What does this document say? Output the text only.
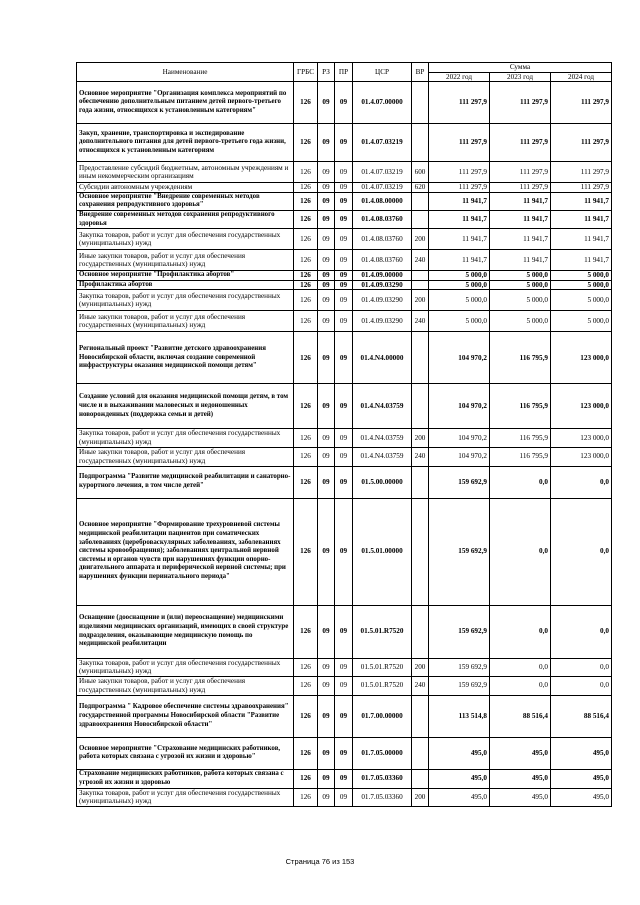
Наименование	ГРБС	РЗ	ПР	ЦСР	ВР	Сумма		
						2022 год	2023 год	2024 год
Основное мероприятие "Организация комплекса мероприятий по обеспечению дополнительным питанием детей первого-третьего года жизни, относящихся к установленным категориям"	126	09	09	01.4.07.00000		111 297,9	111 297,9	111 297,9
Закуп, хранение, транспортировка и экспедирование дополнительного питания для детей первого-третьего года жизни, относящихся к установленным категориям	126	09	09	01.4.07.03219		111 297,9	111 297,9	111 297,9
Предоставление субсидий бюджетным, автономным учреждениям и иным некоммерческим организациям	126	09	09	01.4.07.03219	600	111 297,9	111 297,9	111 297,9
Субсидии автономным учреждениям	126	09	09	01.4.07.03219	620	111 297,9	111 297,9	111 297,9
Основное мероприятие "Внедрение современных методов сохранения репродуктивного здоровья"	126	09	09	01.4.08.00000		11 941,7	11 941,7	11 941,7
Внедрение современных методов сохранения репродуктивного здоровья	126	09	09	01.4.08.03760		11 941,7	11 941,7	11 941,7
Закупка товаров, работ и услуг для обеспечения государственных (муниципальных) нужд	126	09	09	01.4.08.03760	200	11 941,7	11 941,7	11 941,7
Иные закупки товаров, работ и услуг для обеспечения государственных (муниципальных) нужд	126	09	09	01.4.08.03760	240	11 941,7	11 941,7	11 941,7
Основное мероприятие "Профилактика абортов"	126	09	09	01.4.09.00000		5 000,0	5 000,0	5 000,0
Профилактика абортов	126	09	09	01.4.09.03290		5 000,0	5 000,0	5 000,0
Закупка товаров, работ и услуг для обеспечения государственных (муниципальных) нужд	126	09	09	01.4.09.03290	200	5 000,0	5 000,0	5 000,0
Иные закупки товаров, работ и услуг для обеспечения государственных (муниципальных) нужд	126	09	09	01.4.09.03290	240	5 000,0	5 000,0	5 000,0
Региональный проект "Развитие детского здравоохранения Новосибирской области, включая создание современной инфраструктуры оказания медицинской помощи детям"	126	09	09	01.4.N4.00000		104 970,2	116 795,9	123 000,0
Создание условий для оказания медицинской помощи детям, в том числе и в выхаживании маловесных и недоношенных новорожденных (поддержка семьи и детей)	126	09	09	01.4.N4.03759		104 970,2	116 795,9	123 000,0
Закупка товаров, работ и услуг для обеспечения государственных (муниципальных) нужд	126	09	09	01.4.N4.03759	200	104 970,2	116 795,9	123 000,0
Иные закупки товаров, работ и услуг для обеспечения государственных (муниципальных) нужд	126	09	09	01.4.N4.03759	240	104 970,2	116 795,9	123 000,0
Подпрограмма "Развитие медицинской реабилитации и санаторно-курортного лечения, в том числе детей"	126	09	09	01.5.00.00000		159 692,9	0,0	0,0
Основное мероприятие "Формирование трехуровневой системы медицинской реабилитации пациентов при соматических заболеваниях (цереброваскулярных заболеваниях, заболеваниях системы кровообращения); заболеваниях центральной нервной системы и органов чувств при нарушениях функции опорно-двигательного аппарата и периферической нервной системы; при нарушениях функции перинатального периода"	126	09	09	01.5.01.00000		159 692,9	0,0	0,0
Оснащение (дооснащение и (или) переоснащение) медицинскими изделиями медицинских организаций, имеющих в своей структуре подразделения, оказывающие медицинскую помощь по медицинской реабилитации	126	09	09	01.5.01.R7520		159 692,9	0,0	0,0
Закупка товаров, работ и услуг для обеспечения государственных (муниципальных) нужд	126	09	09	01.5.01.R7520	200	159 692,9	0,0	0,0
Иные закупки товаров, работ и услуг для обеспечения государственных (муниципальных) нужд	126	09	09	01.5.01.R7520	240	159 692,9	0,0	0,0
Подпрограмма " Кадровое обеспечение системы здравоохранения" государственной программы Новосибирской области "Развитие здравоохранения Новосибирской области"	126	09	09	01.7.00.00000		113 514,8	88 516,4	88 516,4
Основное мероприятие "Страхование медицинских работников, работа которых связана с угрозой их жизни и здоровью"	126	09	09	01.7.05.00000		495,0	495,0	495,0
Страхование медицинских работников, работа которых связана с угрозой их жизни и здоровью	126	09	09	01.7.05.03360		495,0	495,0	495,0
Закупка товаров, работ и услуг для обеспечения государственных (муниципальных) нужд	126	09	09	01.7.05.03360	200	495,0	495,0	495,0
Страница 76 из 153
